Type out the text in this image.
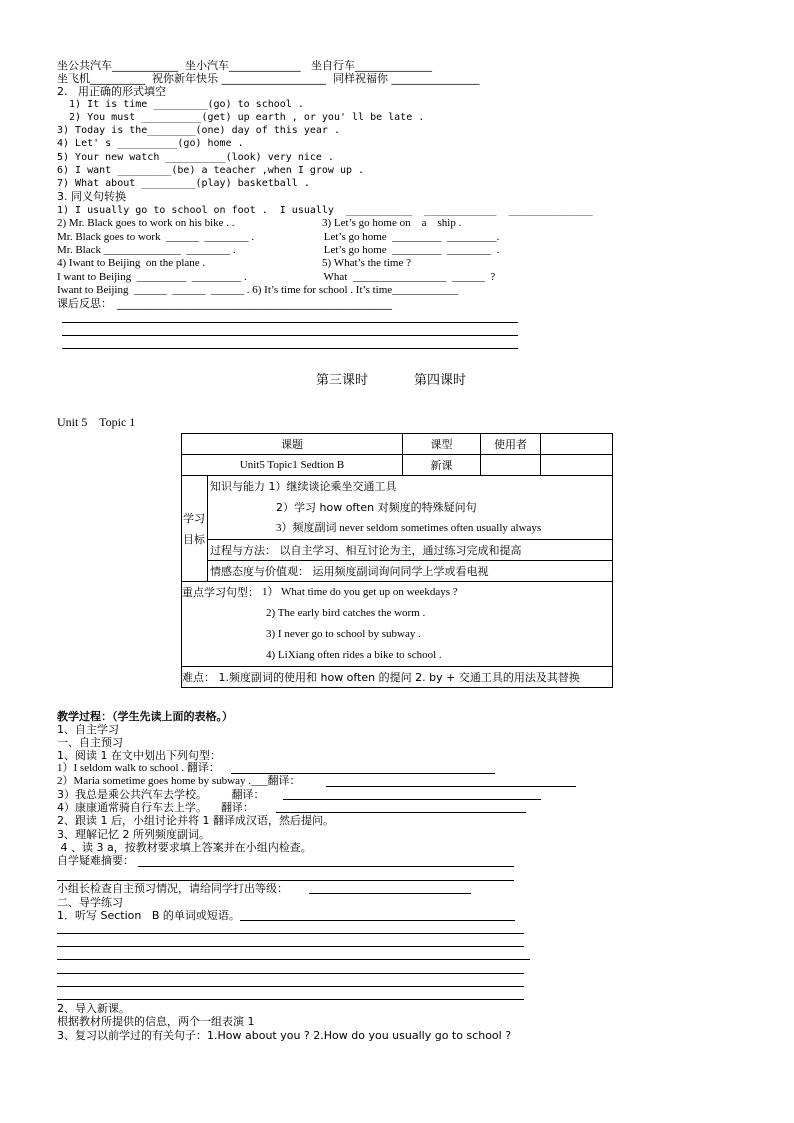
坐公共汽车____________  坐小汽车_____________   坐自行车______________
坐飞机__________  祝你新年快乐 ___________________  同样祝福你 ________________
2.   用正确的形式填空
1) It is time _________(go) to school .
2) You must __________(get) up earth , or you' ll be late .
3) Today is the________(one) day of this year .
4) Let' s __________(go) home .
5) Your new watch __________(look) very nice .
6) I want _________(be) a teacher ,when I grow up .
7) What about _________(play) basketball .
3. 同义句转换
1) I usually go to school on foot .  I usually  ___________  ____________  ______________
2) Mr. Black goes to work on his bike . .
Mr. Black goes to work  ______  ________ .
Mr. Black ______________  ________ .
4) Iwant to Beijing  on the plane .
I want to Beijing  _________  _________ .
3) Let’s go home on    a    ship .
Let’s go home  _________  _________.
Let’s go home  _________  ________  .
5) What’s the time ?
What  _________________  ______  ?
Iwant to Beijing  ______  ______  ______ . 6) It’s time for school . It’s time____________
课后反思： __________________________________________________
第三课时	第四课时
Unit 5    Topic 1
课题		课型	使用者	
Unit5 Topic1 Sedtion B		新课		
学习目标	知识与能力 1）继续谈论乘坐交通工具
2）学习 how often 对频度的特殊疑问句
3）频度副词 never seldom sometimes often usually always			

	过程与方法： 以自主学习、相互讨论为主，通过练习完成和提高			
	情感态度与价值观： 运用频度副词询问同学上学或看电视			

重点学习句型： 1） What time do you get up on weekdays ?
2) The early bird catches the worm .
3) I never go to school by subway .
4) LiXiang often rides a bike to school .				

难点： 1.频度副词的使用和 how often 的提问 2. by + 交通工具的用法及其替换				
教学过程：（学生先读上面的表格。）
1、自主学习
一、自主预习
1、阅读 1 在文中划出下列句型：
1）I seldom walk to school . 翻译：
2）Maria sometime goes home by subway .___翻译：
3）我总是乘公共汽车去学校。       翻译：
4）康康通常骑自行车去上学。    翻译：
2、跟读 1 后，小组讨论并将 1 翻译成汉语，然后提问。
3、理解记忆 2 所列频度副词。
4 、读 3 a，按教材要求填上答案并在小组内检查。
自学疑难摘要：
小组长检查自主预习情况，请给同学打出等级：
二、导学练习
1．听写 Section   B 的单词或短语。
2、导入新课。
根据教材所提供的信息，两个一组表演 1
3、复习以前学过的有关句子：1.How about you ? 2.How do you usually go to school ?
